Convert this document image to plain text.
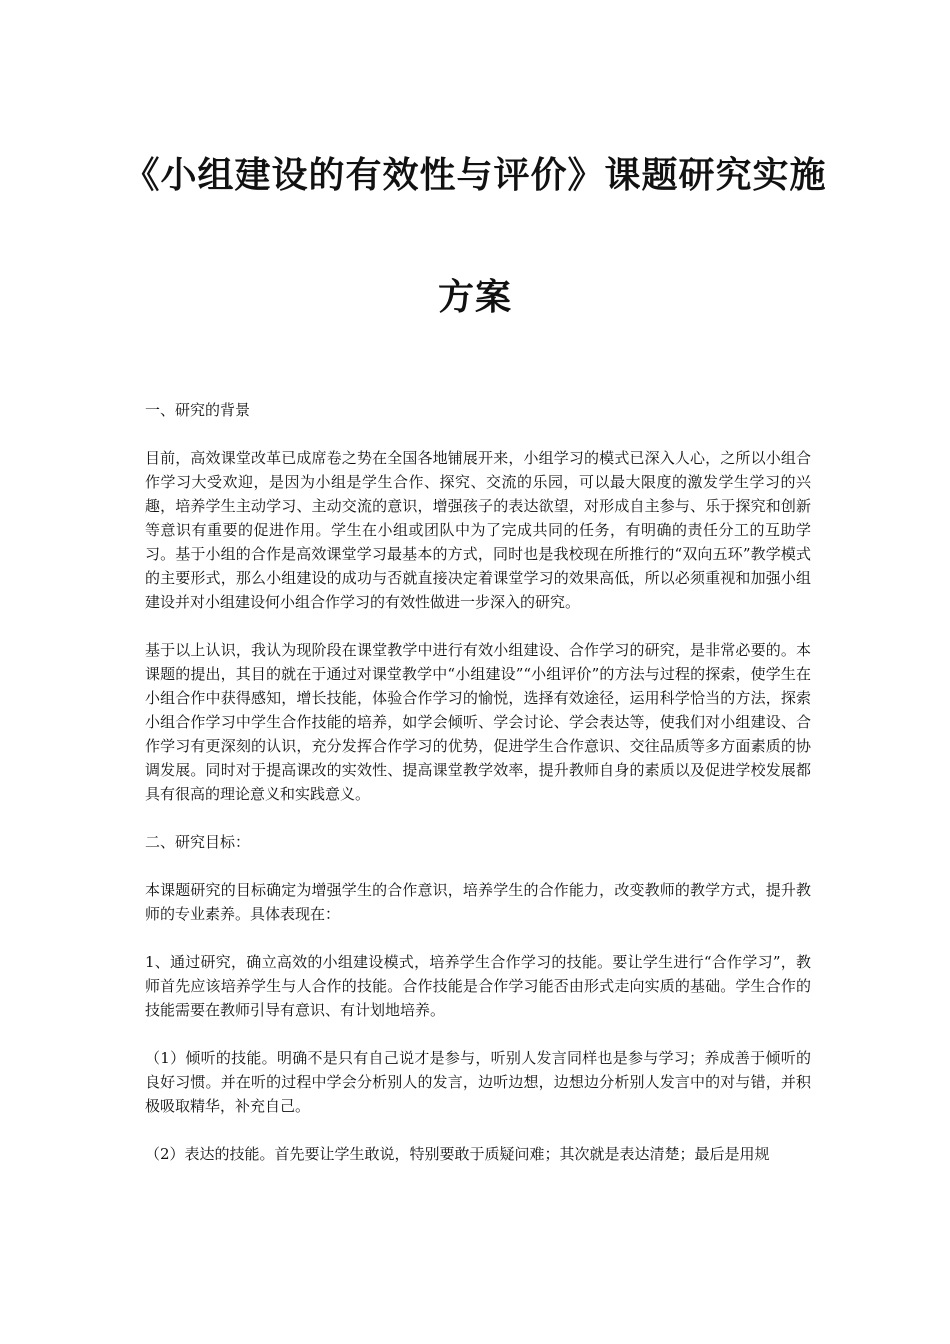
《小组建设的有效性与评价》课题研究实施
方案

一、研究的背景

目前，高效课堂改革已成席卷之势在全国各地铺展开来，小组学习的模式已深入人心，之所以小组合作学习大受欢迎，是因为小组是学生合作、探究、交流的乐园，可以最大限度的激发学生学习的兴趣，培养学生主动学习、主动交流的意识，增强孩子的表达欲望，对形成自主参与、乐于探究和创新等意识有重要的促进作用。学生在小组或团队中为了完成共同的任务，有明确的责任分工的互助学习。基于小组的合作是高效课堂学习最基本的方式，同时也是我校现在所推行的“双向五环”教学模式的主要形式，那么小组建设的成功与否就直接决定着课堂学习的效果高低，所以必须重视和加强小组建设并对小组建设何小组合作学习的有效性做进一步深入的研究。

基于以上认识，我认为现阶段在课堂教学中进行有效小组建设、合作学习的研究，是非常必要的。本课题的提出，其目的就在于通过对课堂教学中“小组建设”“小组评价”的方法与过程的探索，使学生在小组合作中获得感知，增长技能，体验合作学习的愉悦，选择有效途径，运用科学恰当的方法，探索小组合作学习中学生合作技能的培养，如学会倾听、学会讨论、学会表达等，使我们对小组建设、合作学习有更深刻的认识，充分发挥合作学习的优势，促进学生合作意识、交往品质等多方面素质的协调发展。同时对于提高课改的实效性、提高课堂教学效率，提升教师自身的素质以及促进学校发展都具有很高的理论意义和实践意义。

二、研究目标：

本课题研究的目标确定为增强学生的合作意识，培养学生的合作能力，改变教师的教学方式，提升教师的专业素养。具体表现在：

1、通过研究，确立高效的小组建设模式，培养学生合作学习的技能。要让学生进行“合作学习”，教师首先应该培养学生与人合作的技能。合作技能是合作学习能否由形式走向实质的基础。学生合作的技能需要在教师引导有意识、有计划地培养。

（1）倾听的技能。明确不是只有自己说才是参与，听别人发言同样也是参与学习；养成善于倾听的良好习惯。并在听的过程中学会分析别人的发言，边听边想，边想边分析别人发言中的对与错，并积极吸取精华，补充自己。

（2）表达的技能。首先要让学生敢说，特别要敢于质疑问难；其次就是表达清楚；最后是用规
